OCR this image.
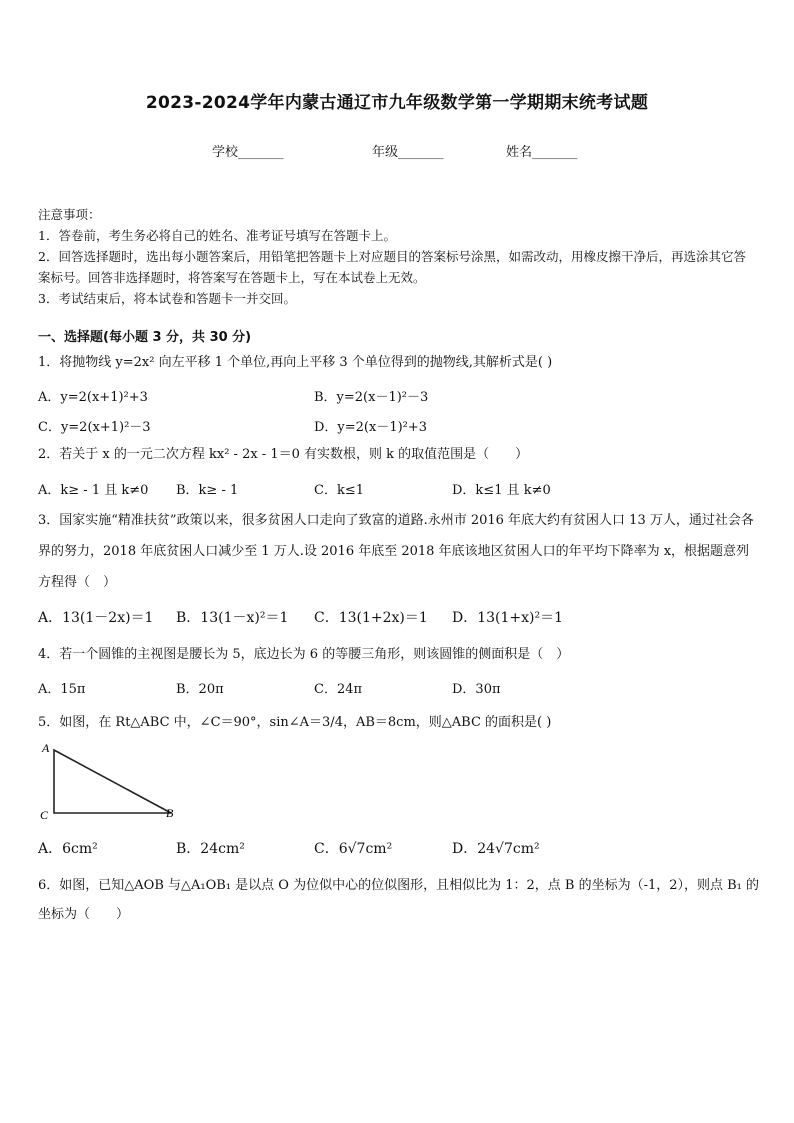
2023-2024学年内蒙古通辽市九年级数学第一学期期末统考试题
学校_______	年级_______	姓名_______
注意事项：
1．答卷前，考生务必将自己的姓名、准考证号填写在答题卡上。
2．回答选择题时，选出每小题答案后，用铅笔把答题卡上对应题目的答案标号涂黑，如需改动，用橡皮擦干净后，再选涂其它答案标号。回答非选择题时，将答案写在答题卡上，写在本试卷上无效。
3．考试结束后，将本试卷和答题卡一并交回。
一、选择题(每小题 3 分，共 30 分)
1．将抛物线 y=2x² 向左平移 1 个单位,再向上平移 3 个单位得到的抛物线,其解析式是( )
A．y=2(x+1)²+3	B．y=2(x－1)²－3
C．y=2(x+1)²－3	D．y=2(x－1)²+3
2．若关于 x 的一元二次方程 kx² - 2x - 1＝0 有实数根，则 k 的取值范围是（　　）
A．k≥ - 1 且 k≠0 B．k≥ - 1	C．k≤1	D．k≤1 且 k≠0
3．国家实施“精准扶贫”政策以来，很多贫困人口走向了致富的道路.永州市 2016 年底大约有贫困人口 13 万人，通过社会各界的努力，2018 年底贫困人口减少至 1 万人.设 2016 年底至 2018 年底该地区贫困人口的年平均下降率为 x，根据题意列方程得（　）
A．13(1－2x)＝1 B．13(1－x)²＝1 C．13(1+2x)＝1 D．13(1+x)²＝1
4．若一个圆锥的主视图是腰长为 5，底边长为 6 的等腰三角形，则该圆锥的侧面积是（　）
A．15π	B．20π	C．24π	D．30π
5．如图，在 Rt△ABC 中，∠C＝90°，sin∠A＝3/4，AB＝8cm，则△ABC 的面积是( )
A
C	B
A．6cm²	B．24cm²	C．6√7cm²	D．24√7cm²
6．如图，已知△AOB 与△A₁OB₁ 是以点 O 为位似中心的位似图形，且相似比为 1：2，点 B 的坐标为（-1，2），则点 B₁ 的坐标为（　　）
